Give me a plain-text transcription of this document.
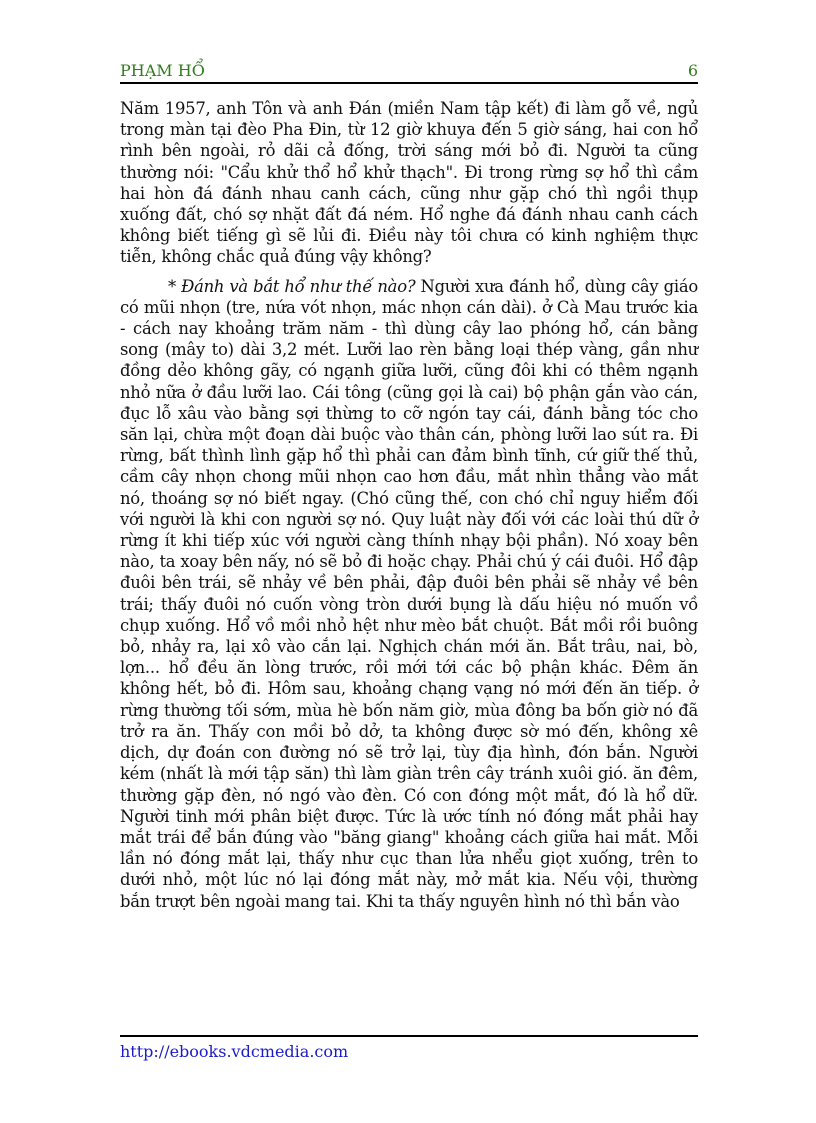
PHẠM HỔ	6

Năm 1957, anh Tôn và anh Đán (miền Nam tập kết) đi làm gỗ về, ngủ trong màn tại đèo Pha Đin, từ 12 giờ khuya đến 5 giờ sáng, hai con hổ rình bên ngoài, rỏ dãi cả đống, trời sáng mới bỏ đi. Người ta cũng thường nói: "Cẩu khử thổ hổ khử thạch". Đi trong rừng sợ hổ thì cầm hai hòn đá đánh nhau canh cách, cũng như gặp chó thì ngồi thụp xuống đất, chó sợ nhặt đất đá ném. Hổ nghe đá đánh nhau canh cách không biết tiếng gì sẽ lủi đi. Điều này tôi chưa có kinh nghiệm thực tiễn, không chắc quả đúng vậy không?

* Đánh và bắt hổ như thế nào? Người xưa đánh hổ, dùng cây giáo có mũi nhọn (tre, nứa vót nhọn, mác nhọn cán dài). ở Cà Mau trước kia - cách nay khoảng trăm năm - thì dùng cây lao phóng hổ, cán bằng song (mây to) dài 3,2 mét. Lưỡi lao rèn bằng loại thép vàng, gần như đồng dẻo không gãy, có ngạnh giữa lưỡi, cũng đôi khi có thêm ngạnh nhỏ nữa ở đầu lưỡi lao. Cái tông (cũng gọi là cai) bộ phận gắn vào cán, đục lỗ xâu vào bằng sợi thừng to cỡ ngón tay cái, đánh bằng tóc cho săn lại, chừa một đoạn dài buộc vào thân cán, phòng lưỡi lao sút ra. Đi rừng, bất thình lình gặp hổ thì phải can đảm bình tĩnh, cứ giữ thế thủ, cầm cây nhọn chong mũi nhọn cao hơn đầu, mắt nhìn thẳng vào mắt nó, thoáng sợ nó biết ngay. (Chó cũng thế, con chó chỉ nguy hiểm đối với người là khi con người sợ nó. Quy luật này đối với các loài thú dữ ở rừng ít khi tiếp xúc với người càng thính nhạy bội phần). Nó xoay bên nào, ta xoay bên nấy, nó sẽ bỏ đi hoặc chạy. Phải chú ý cái đuôi. Hổ đập đuôi bên trái, sẽ nhảy về bên phải, đập đuôi bên phải sẽ nhảy về bên trái; thấy đuôi nó cuốn vòng tròn dưới bụng là dấu hiệu nó muốn vồ chụp xuống. Hổ vồ mồi nhỏ hệt như mèo bắt chuột. Bắt mồi rồi buông bỏ, nhảy ra, lại xô vào cắn lại. Nghịch chán mới ăn. Bắt trâu, nai, bò, lợn... hổ đều ăn lòng trước, rồi mới tới các bộ phận khác. Đêm ăn không hết, bỏ đi. Hôm sau, khoảng chạng vạng nó mới đến ăn tiếp. ở rừng thường tối sớm, mùa hè bốn năm giờ, mùa đông ba bốn giờ nó đã trở ra ăn. Thấy con mồi bỏ dở, ta không được sờ mó đến, không xê dịch, dự đoán con đường nó sẽ trở lại, tùy địa hình, đón bắn. Người kém (nhất là mới tập săn) thì làm giàn trên cây tránh xuôi gió. ăn đêm, thường gặp đèn, nó ngó vào đèn. Có con đóng một mắt, đó là hổ dữ. Người tinh mới phân biệt được. Tức là ước tính nó đóng mắt phải hay mắt trái để bắn đúng vào "băng giang" khoảng cách giữa hai mắt. Mỗi lần nó đóng mắt lại, thấy như cục than lửa nhểu giọt xuống, trên to dưới nhỏ, một lúc nó lại đóng mắt này, mở mắt kia. Nếu vội, thường bắn trượt bên ngoài mang tai. Khi ta thấy nguyên hình nó thì bắn vào

http://ebooks.vdcmedia.com
